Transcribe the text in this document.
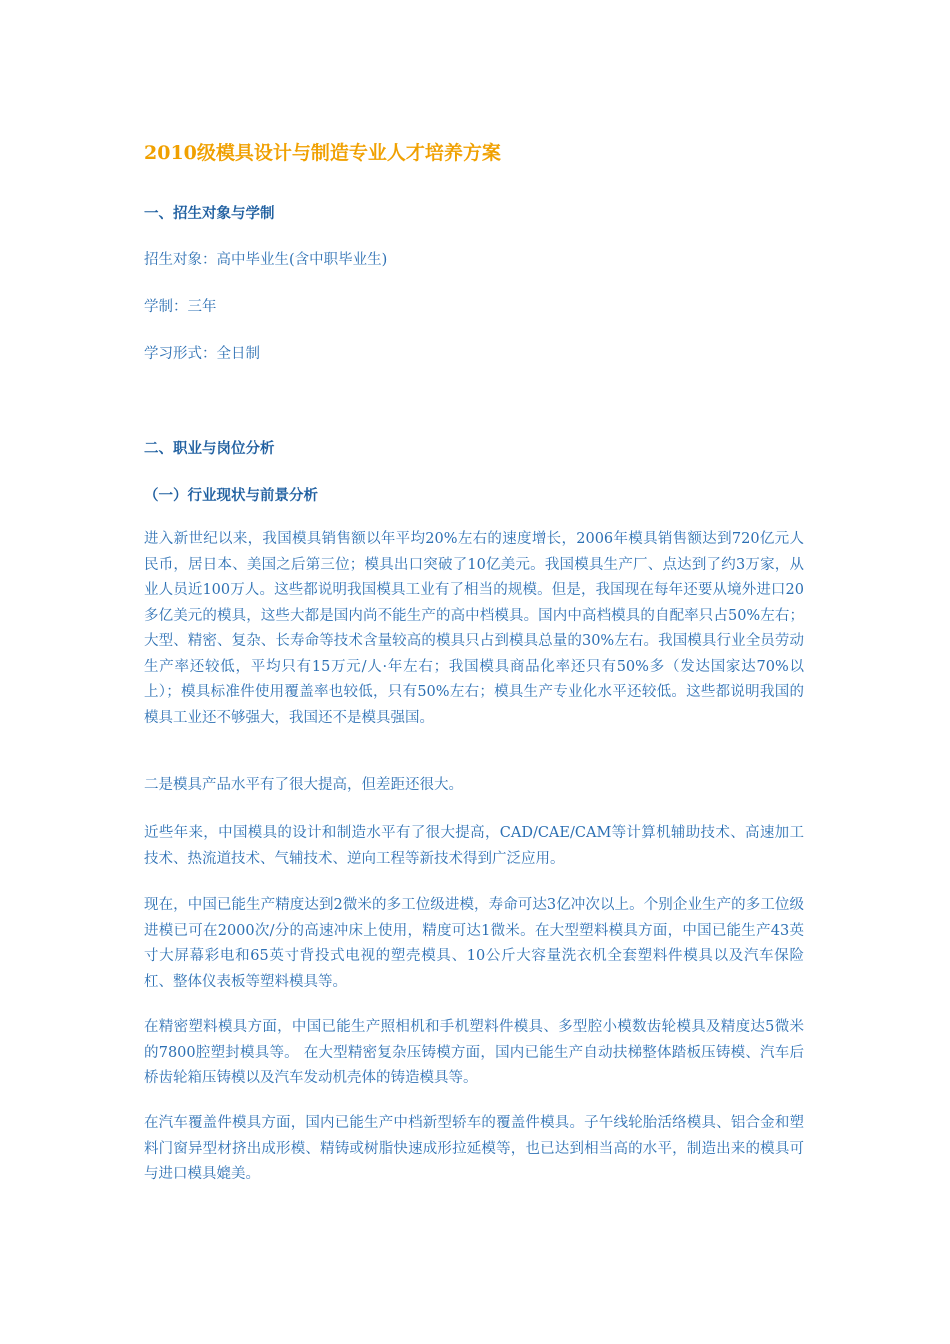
2010级模具设计与制造专业人才培养方案
一、招生对象与学制
招生对象：高中毕业生(含中职毕业生)
学制：三年
学习形式：全日制
二、职业与岗位分析
（一）行业现状与前景分析
进入新世纪以来，我国模具销售额以年平均20%左右的速度增长，2006年模具销售额达到720亿元人民币，居日本、美国之后第三位；模具出口突破了10亿美元。我国模具生产厂、点达到了约3万家，从业人员近100万人。这些都说明我国模具工业有了相当的规模。但是，我国现在每年还要从境外进口20多亿美元的模具，这些大都是国内尚不能生产的高中档模具。国内中高档模具的自配率只占50%左右；大型、精密、复杂、长寿命等技术含量较高的模具只占到模具总量的30%左右。我国模具行业全员劳动生产率还较低，平均只有15万元/人·年左右；我国模具商品化率还只有50%多（发达国家达70%以上）；模具标准件使用覆盖率也较低，只有50%左右；模具生产专业化水平还较低。这些都说明我国的模具工业还不够强大，我国还不是模具强国。
二是模具产品水平有了很大提高，但差距还很大。
近些年来，中国模具的设计和制造水平有了很大提高，CAD/CAE/CAM等计算机辅助技术、高速加工技术、热流道技术、气辅技术、逆向工程等新技术得到广泛应用。
现在，中国已能生产精度达到2微米的多工位级进模，寿命可达3亿冲次以上。个别企业生产的多工位级进模已可在2000次/分的高速冲床上使用，精度可达1微米。在大型塑料模具方面，中国已能生产43英寸大屏幕彩电和65英寸背投式电视的塑壳模具、10公斤大容量洗衣机全套塑料件模具以及汽车保险杠、整体仪表板等塑料模具等。
在精密塑料模具方面，中国已能生产照相机和手机塑料件模具、多型腔小模数齿轮模具及精度达5微米的7800腔塑封模具等。 在大型精密复杂压铸模方面，国内已能生产自动扶梯整体踏板压铸模、汽车后桥齿轮箱压铸模以及汽车发动机壳体的铸造模具等。
在汽车覆盖件模具方面，国内已能生产中档新型轿车的覆盖件模具。子午线轮胎活络模具、铝合金和塑料门窗异型材挤出成形模、精铸或树脂快速成形拉延模等，也已达到相当高的水平，制造出来的模具可与进口模具媲美。
